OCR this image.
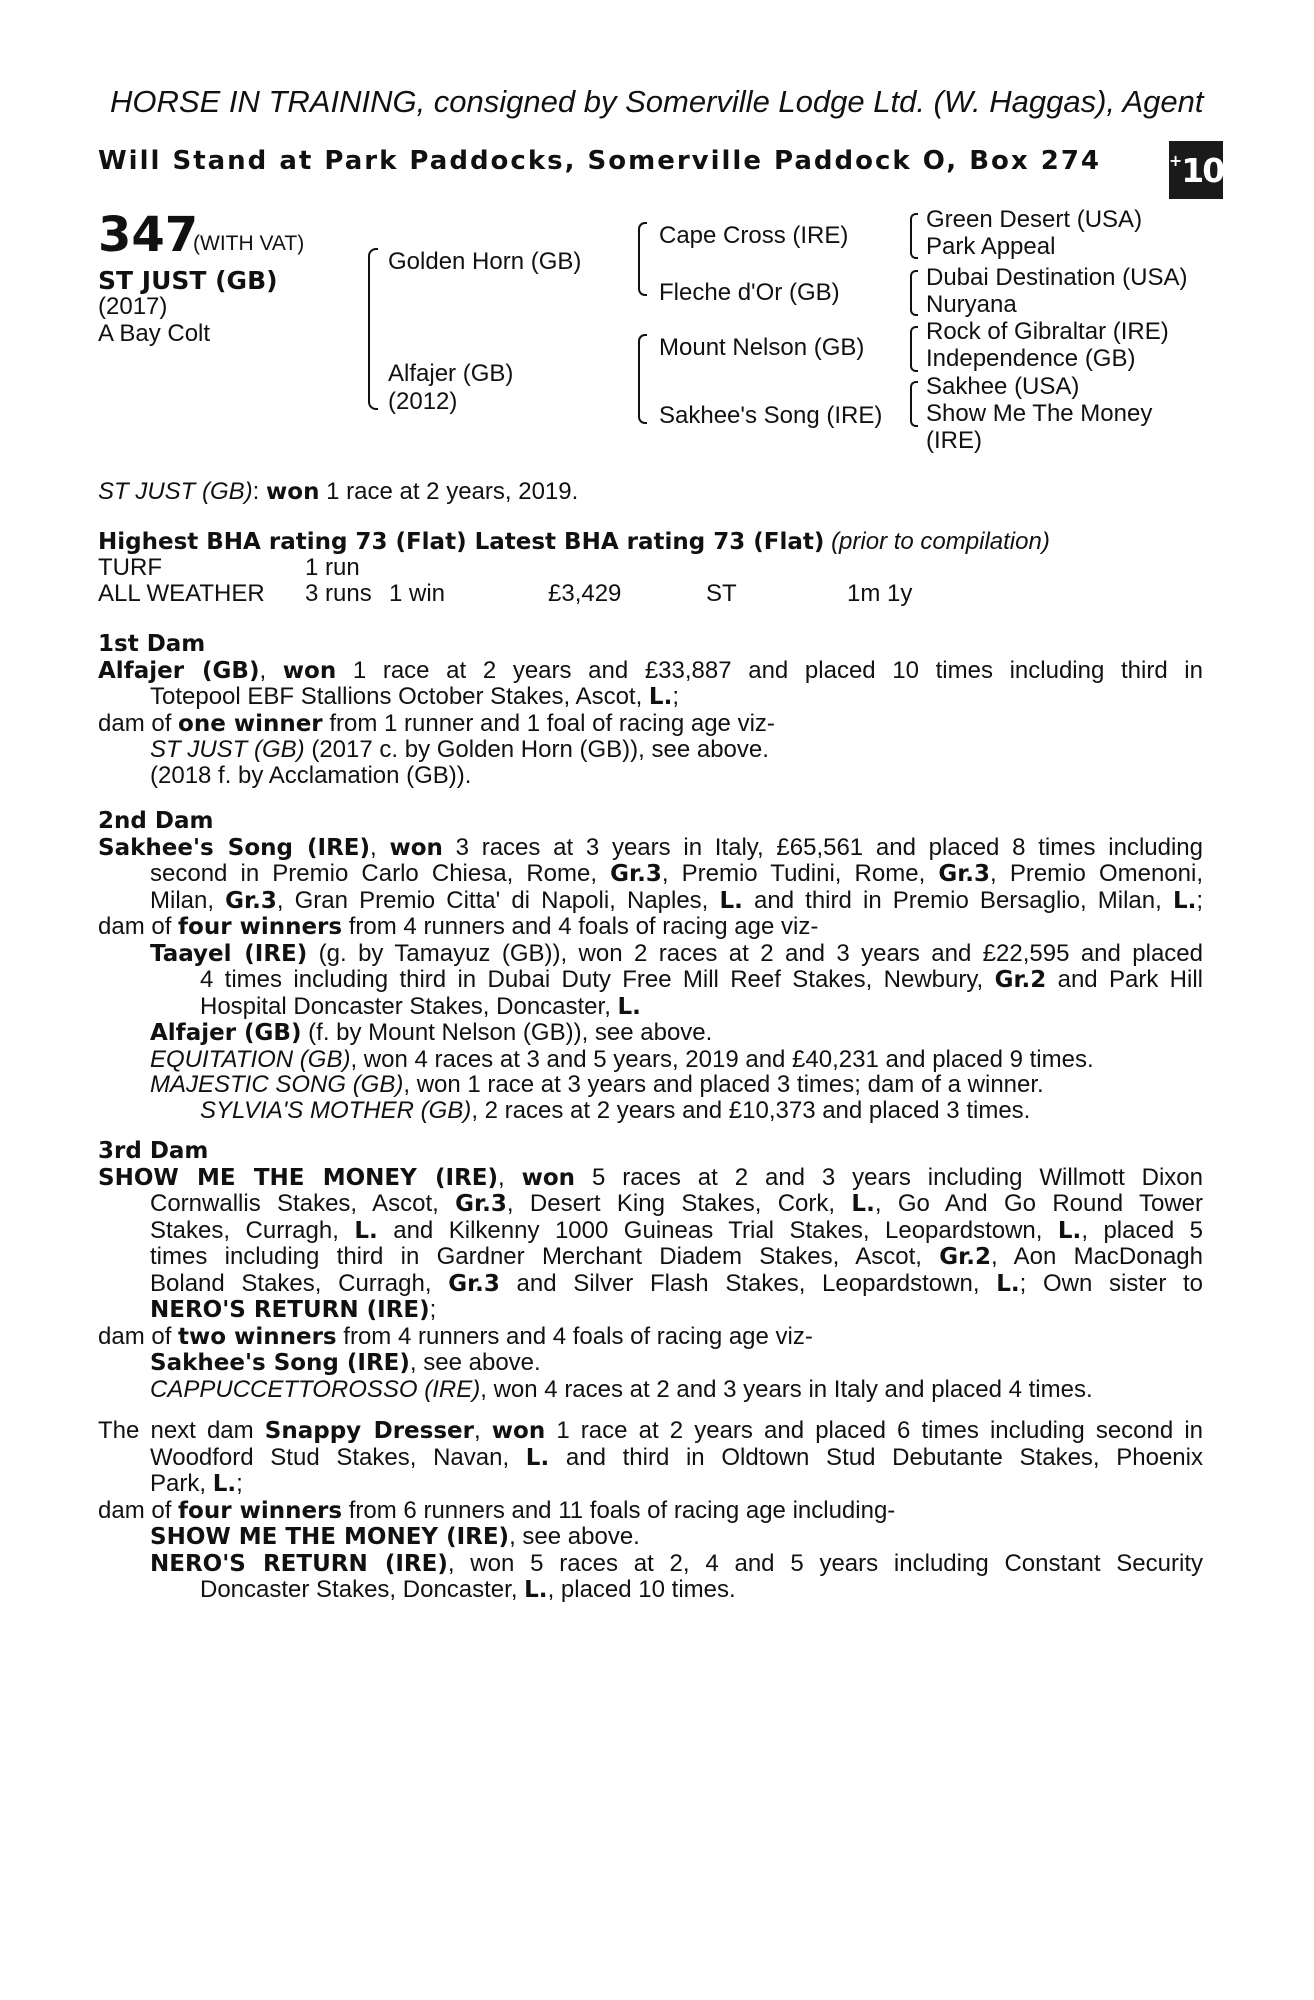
HORSE IN TRAINING, consigned by Somerville Lodge Ltd. (W. Haggas), Agent
Will Stand at Park Paddocks, Somerville Paddock O, Box 274	+ 10
347
(WITH VAT)
ST JUST (GB)
(2017)
A Bay Colt
Golden Horn (GB)
Alfajer (GB)
(2012)
Cape Cross (IRE)
Fleche d'Or (GB)
Mount Nelson (GB)
Sakhee's Song (IRE)
Green Desert (USA)
Park Appeal
Dubai Destination (USA)
Nuryana
Rock of Gibraltar (IRE)
Independence (GB)
Sakhee (USA)
Show Me The Money
(IRE)
ST JUST (GB): won 1 race at 2 years, 2019.
Highest BHA rating 73 (Flat) Latest BHA rating 73 (Flat) (prior to compilation)
TURF	1 run
ALL WEATHER 3 runs 1 win	£3,429	ST	1m 1y
1st Dam
Alfajer (GB), won 1 race at 2 years and £33,887 and placed 10 times including third in
Totepool EBF Stallions October Stakes, Ascot, L.;
dam of one winner from 1 runner and 1 foal of racing age viz-
ST JUST (GB) (2017 c. by Golden Horn (GB)), see above.
(2018 f. by Acclamation (GB)).
2nd Dam
Sakhee's Song (IRE), won 3 races at 3 years in Italy, £65,561 and placed 8 times including
second in Premio Carlo Chiesa, Rome, Gr.3, Premio Tudini, Rome, Gr.3, Premio Omenoni,
Milan, Gr.3, Gran Premio Citta' di Napoli, Naples, L. and third in Premio Bersaglio, Milan, L.;
dam of four winners from 4 runners and 4 foals of racing age viz-
Taayel (IRE) (g. by Tamayuz (GB)), won 2 races at 2 and 3 years and £22,595 and placed
4 times including third in Dubai Duty Free Mill Reef Stakes, Newbury, Gr.2 and Park Hill
Hospital Doncaster Stakes, Doncaster, L.
Alfajer (GB) (f. by Mount Nelson (GB)), see above.
EQUITATION (GB), won 4 races at 3 and 5 years, 2019 and £40,231 and placed 9 times.
MAJESTIC SONG (GB), won 1 race at 3 years and placed 3 times; dam of a winner.
SYLVIA'S MOTHER (GB), 2 races at 2 years and £10,373 and placed 3 times.
3rd Dam
SHOW ME THE MONEY (IRE), won 5 races at 2 and 3 years including Willmott Dixon
Cornwallis Stakes, Ascot, Gr.3, Desert King Stakes, Cork, L., Go And Go Round Tower
Stakes, Curragh, L. and Kilkenny 1000 Guineas Trial Stakes, Leopardstown, L., placed 5
times including third in Gardner Merchant Diadem Stakes, Ascot, Gr.2, Aon MacDonagh
Boland Stakes, Curragh, Gr.3 and Silver Flash Stakes, Leopardstown, L.; Own sister to
NERO'S RETURN (IRE);
dam of two winners from 4 runners and 4 foals of racing age viz-
Sakhee's Song (IRE), see above.
CAPPUCCETTOROSSO (IRE), won 4 races at 2 and 3 years in Italy and placed 4 times.
The next dam Snappy Dresser, won 1 race at 2 years and placed 6 times including second in
Woodford Stud Stakes, Navan, L. and third in Oldtown Stud Debutante Stakes, Phoenix
Park, L.;
dam of four winners from 6 runners and 11 foals of racing age including-
SHOW ME THE MONEY (IRE), see above.
NERO'S RETURN (IRE), won 5 races at 2, 4 and 5 years including Constant Security
Doncaster Stakes, Doncaster, L., placed 10 times.
